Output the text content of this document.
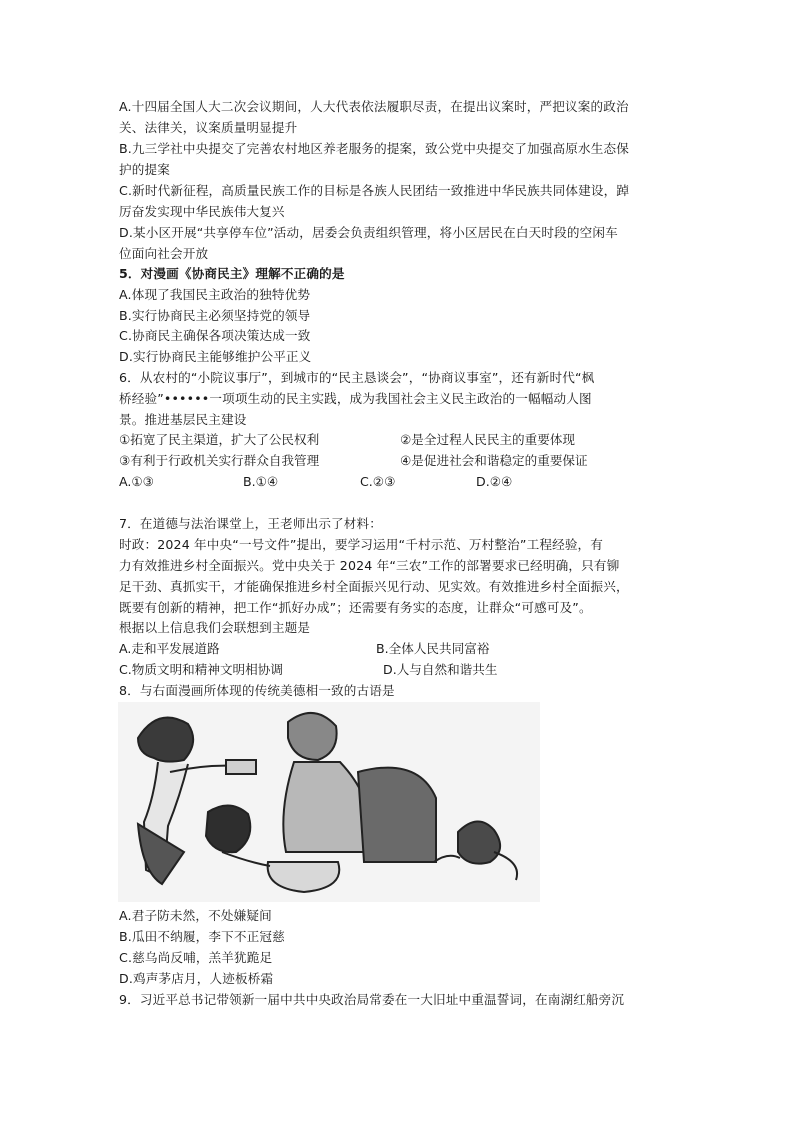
A.十四届全国人大二次会议期间，人大代表依法履职尽责，在提出议案时，严把议案的政治
关、法律关，议案质量明显提升
B.九三学社中央提交了完善农村地区养老服务的提案，致公党中央提交了加强高原水生态保
护的提案
C.新时代新征程，高质量民族工作的目标是各族人民团结一致推进中华民族共同体建设，踔
厉奋发实现中华民族伟大复兴
D.某小区开展“共享停车位”活动，居委会负责组织管理，将小区居民在白天时段的空闲车
位面向社会开放
5．对漫画《协商民主》理解不正确的是
A.体现了我国民主政治的独特优势
B.实行协商民主必须坚持党的领导
C.协商民主确保各项决策达成一致
D.实行协商民主能够维护公平正义
6．从农村的“小院议事厅”，到城市的“民主恳谈会”，“协商议事室”，还有新时代“枫
桥经验”••••••一项项生动的民主实践，成为我国社会主义民主政治的一幅幅动人图
景。推进基层民主建设
①拓宽了民主渠道，扩大了公民权利	②是全过程人民民主的重要体现
③有利于行政机关实行群众自我管理	④是促进社会和谐稳定的重要保证
A.①③	B.①④	C.②③	D.②④
7．在道德与法治课堂上，王老师出示了材料：
时政：2024 年中央“一号文件”提出，要学习运用“千村示范、万村整治”工程经验，有
力有效推进乡村全面振兴。党中央关于 2024 年“三农”工作的部署要求已经明确，只有铆
足干劲、真抓实干，才能确保推进乡村全面振兴见行动、见实效。有效推进乡村全面振兴，
既要有创新的精神，把工作“抓好办成”；还需要有务实的态度，让群众“可感可及”。
根据以上信息我们会联想到主题是
A.走和平发展道路	B.全体人民共同富裕
C.物质文明和精神文明相协调	D.人与自然和谐共生
8．与右面漫画所体现的传统美德相一致的古语是
A.君子防未然，不处嫌疑间
B.瓜田不纳履，李下不正冠慈
C.慈乌尚反哺，羔羊犹跪足
D.鸡声茅店月，人迹板桥霜
9．习近平总书记带领新一届中共中央政治局常委在一大旧址中重温誓词，在南湖红船旁沉
